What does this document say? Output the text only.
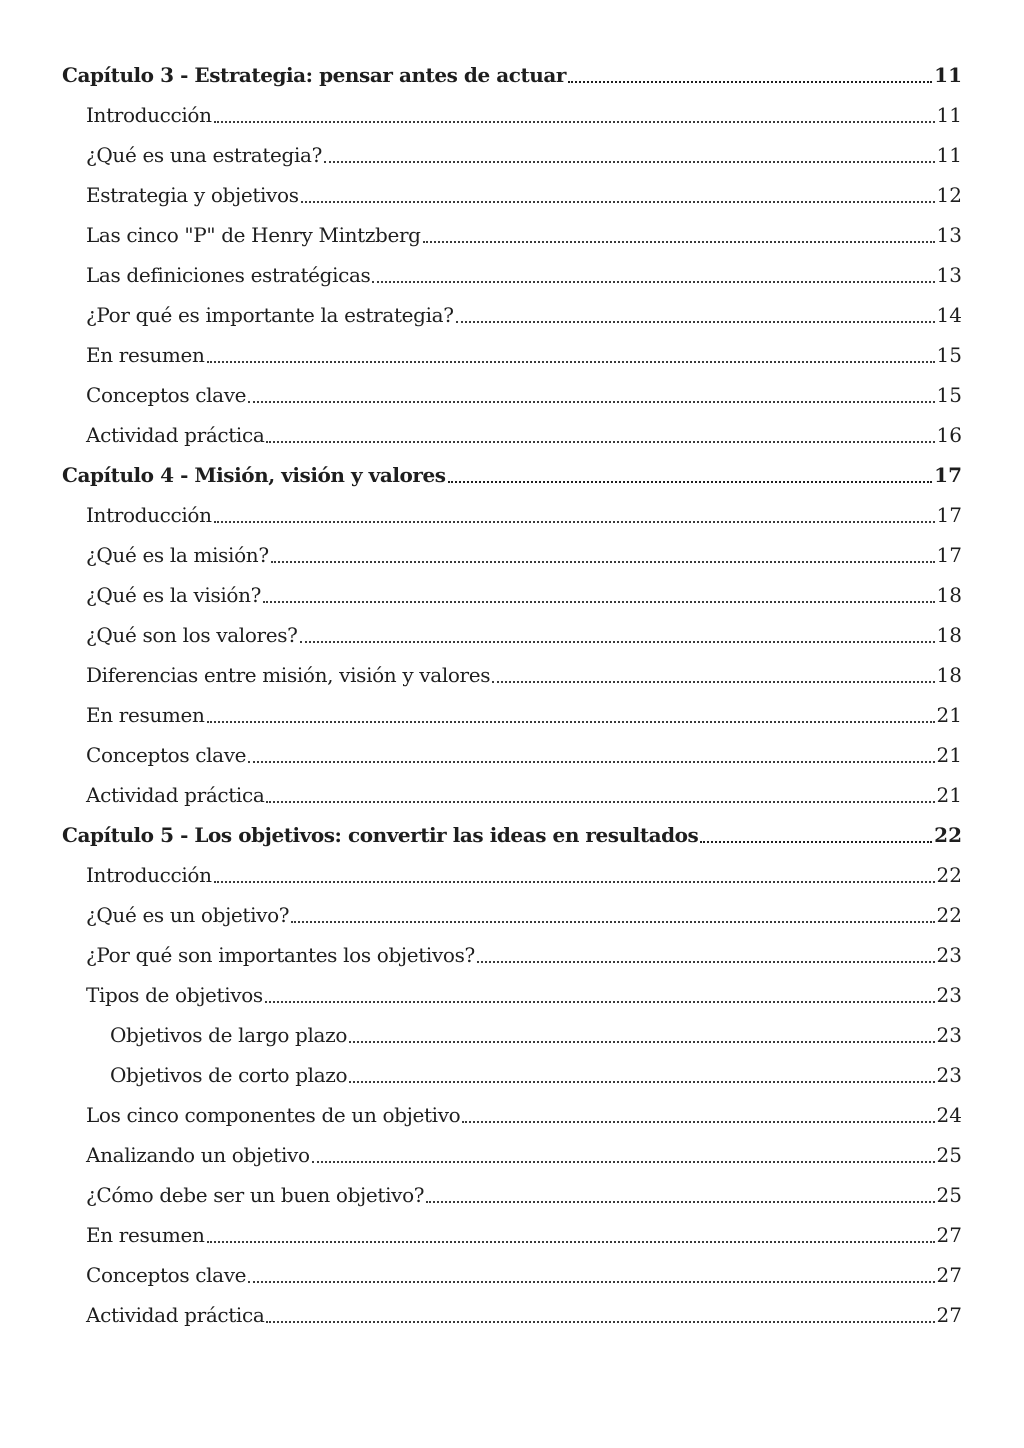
Capítulo 3 - Estrategia: pensar antes de actuar	11
Introducción	11
¿Qué es una estrategia?	11
Estrategia y objetivos	12
Las cinco "P" de Henry Mintzberg	13
Las definiciones estratégicas	13
¿Por qué es importante la estrategia?	14
En resumen	15
Conceptos clave	15
Actividad práctica	16
Capítulo 4 - Misión, visión y valores	17
Introducción	17
¿Qué es la misión?	17
¿Qué es la visión?	18
¿Qué son los valores?	18
Diferencias entre misión, visión y valores	18
En resumen	21
Conceptos clave	21
Actividad práctica	21
Capítulo 5 - Los objetivos: convertir las ideas en resultados	22
Introducción	22
¿Qué es un objetivo?	22
¿Por qué son importantes los objetivos?	23
Tipos de objetivos	23
Objetivos de largo plazo	23
Objetivos de corto plazo	23
Los cinco componentes de un objetivo	24
Analizando un objetivo	25
¿Cómo debe ser un buen objetivo?	25
En resumen	27
Conceptos clave	27
Actividad práctica	27
